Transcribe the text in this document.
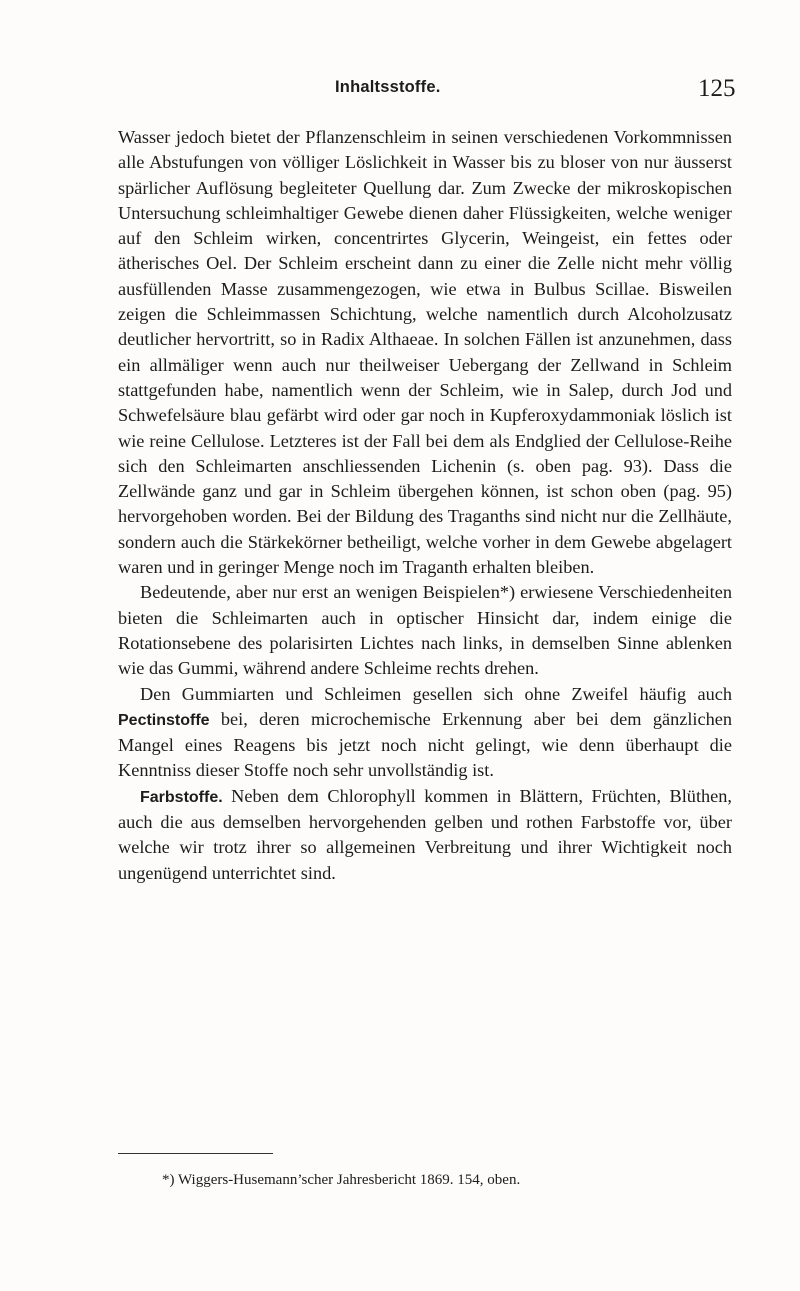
Inhaltsstoffe.	125

Wasser jedoch bietet der Pflanzenschleim in seinen verschiedenen Vorkommnissen alle Abstufungen von völliger Löslichkeit in Wasser bis zu bloser von nur äusserst spärlicher Auflösung begleiteter Quellung dar. Zum Zwecke der mikroskopischen Untersuchung schleimhaltiger Gewebe dienen daher Flüssigkeiten, welche weniger auf den Schleim wirken, concentrirtes Glycerin, Weingeist, ein fettes oder ätherisches Oel. Der Schleim erscheint dann zu einer die Zelle nicht mehr völlig ausfüllenden Masse zusammengezogen, wie etwa in Bulbus Scillae. Bisweilen zeigen die Schleimmassen Schichtung, welche namentlich durch Alcoholzusatz deutlicher hervortritt, so in Radix Althaeae. In solchen Fällen ist anzunehmen, dass ein allmäliger wenn auch nur theilweiser Uebergang der Zellwand in Schleim stattgefunden habe, namentlich wenn der Schleim, wie in Salep, durch Jod und Schwefelsäure blau gefärbt wird oder gar noch in Kupferoxydammoniak löslich ist wie reine Cellulose. Letzteres ist der Fall bei dem als Endglied der Cellulose-Reihe sich den Schleimarten anschliessenden Lichenin (s. oben pag. 93). Dass die Zellwände ganz und gar in Schleim übergehen können, ist schon oben (pag. 95) hervorgehoben worden. Bei der Bildung des Traganths sind nicht nur die Zellhäute, sondern auch die Stärkekörner betheiligt, welche vorher in dem Gewebe abgelagert waren und in geringer Menge noch im Traganth erhalten bleiben.

Bedeutende, aber nur erst an wenigen Beispielen*) erwiesene Verschiedenheiten bieten die Schleimarten auch in optischer Hinsicht dar, indem einige die Rotationsebene des polarisirten Lichtes nach links, in demselben Sinne ablenken wie das Gummi, während andere Schleime rechts drehen.

Den Gummiarten und Schleimen gesellen sich ohne Zweifel häufig auch Pectinstoffe bei, deren microchemische Erkennung aber bei dem gänzlichen Mangel eines Reagens bis jetzt noch nicht gelingt, wie denn überhaupt die Kenntniss dieser Stoffe noch sehr unvollständig ist.

Farbstoffe. Neben dem Chlorophyll kommen in Blättern, Früchten, Blüthen, auch die aus demselben hervorgehenden gelben und rothen Farbstoffe vor, über welche wir trotz ihrer so allgemeinen Verbreitung und ihrer Wichtigkeit noch ungenügend unterrichtet sind.

*) Wiggers-Husemann’scher Jahresbericht 1869. 154, oben.
